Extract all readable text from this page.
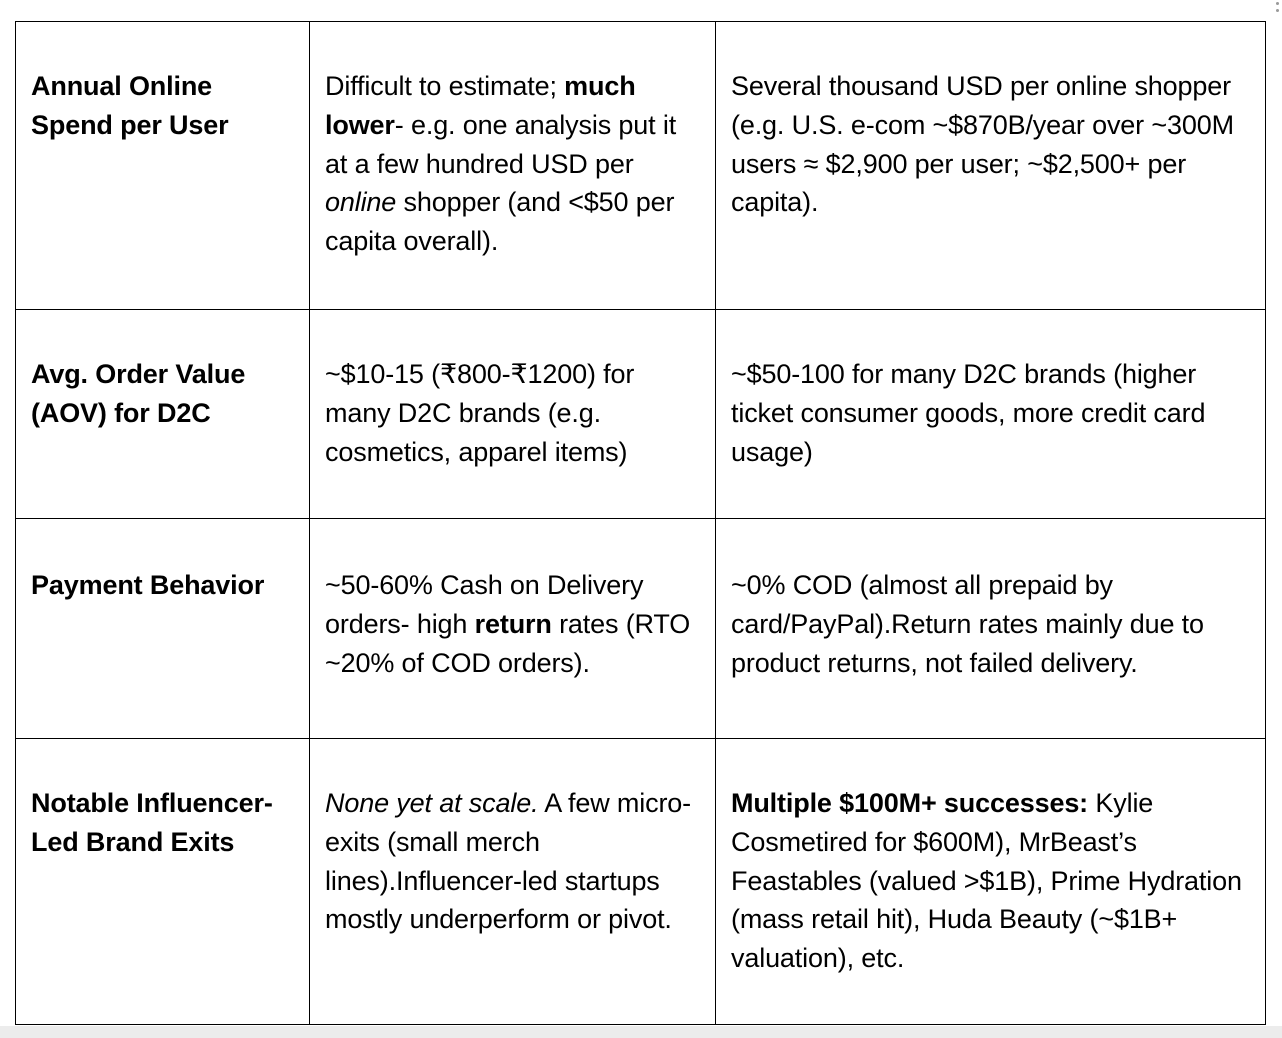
Annual Online Spend per User	Difficult to estimate; much lower- e.g. one analysis put it at a few hundred USD per online shopper (and <$50 per capita overall).	Several thousand USD per online shopper (e.g. U.S. e-com ~$870B/year over ~300M users ≈ $2,900 per user; ~$2,500+ per capita).
Avg. Order Value (AOV) for D2C	~$10-15 (₹800-₹1200) for many D2C brands (e.g. cosmetics, apparel items)	~$50-100 for many D2C brands (higher ticket consumer goods, more credit card usage)
Payment Behavior	~50-60% Cash on Delivery orders- high return rates (RTO ~20% of COD orders).	~0% COD (almost all prepaid by card/PayPal).Return rates mainly due to product returns, not failed delivery.
Notable Influencer-Led Brand Exits	None yet at scale. A few micro-exits (small merch lines).Influencer-led startups mostly underperform or pivot.	Multiple $100M+ successes: Kylie Cosmetired for $600M), MrBeast’s Feastables (valued >$1B), Prime Hydration (mass retail hit), Huda Beauty (~$1B+ valuation), etc.
